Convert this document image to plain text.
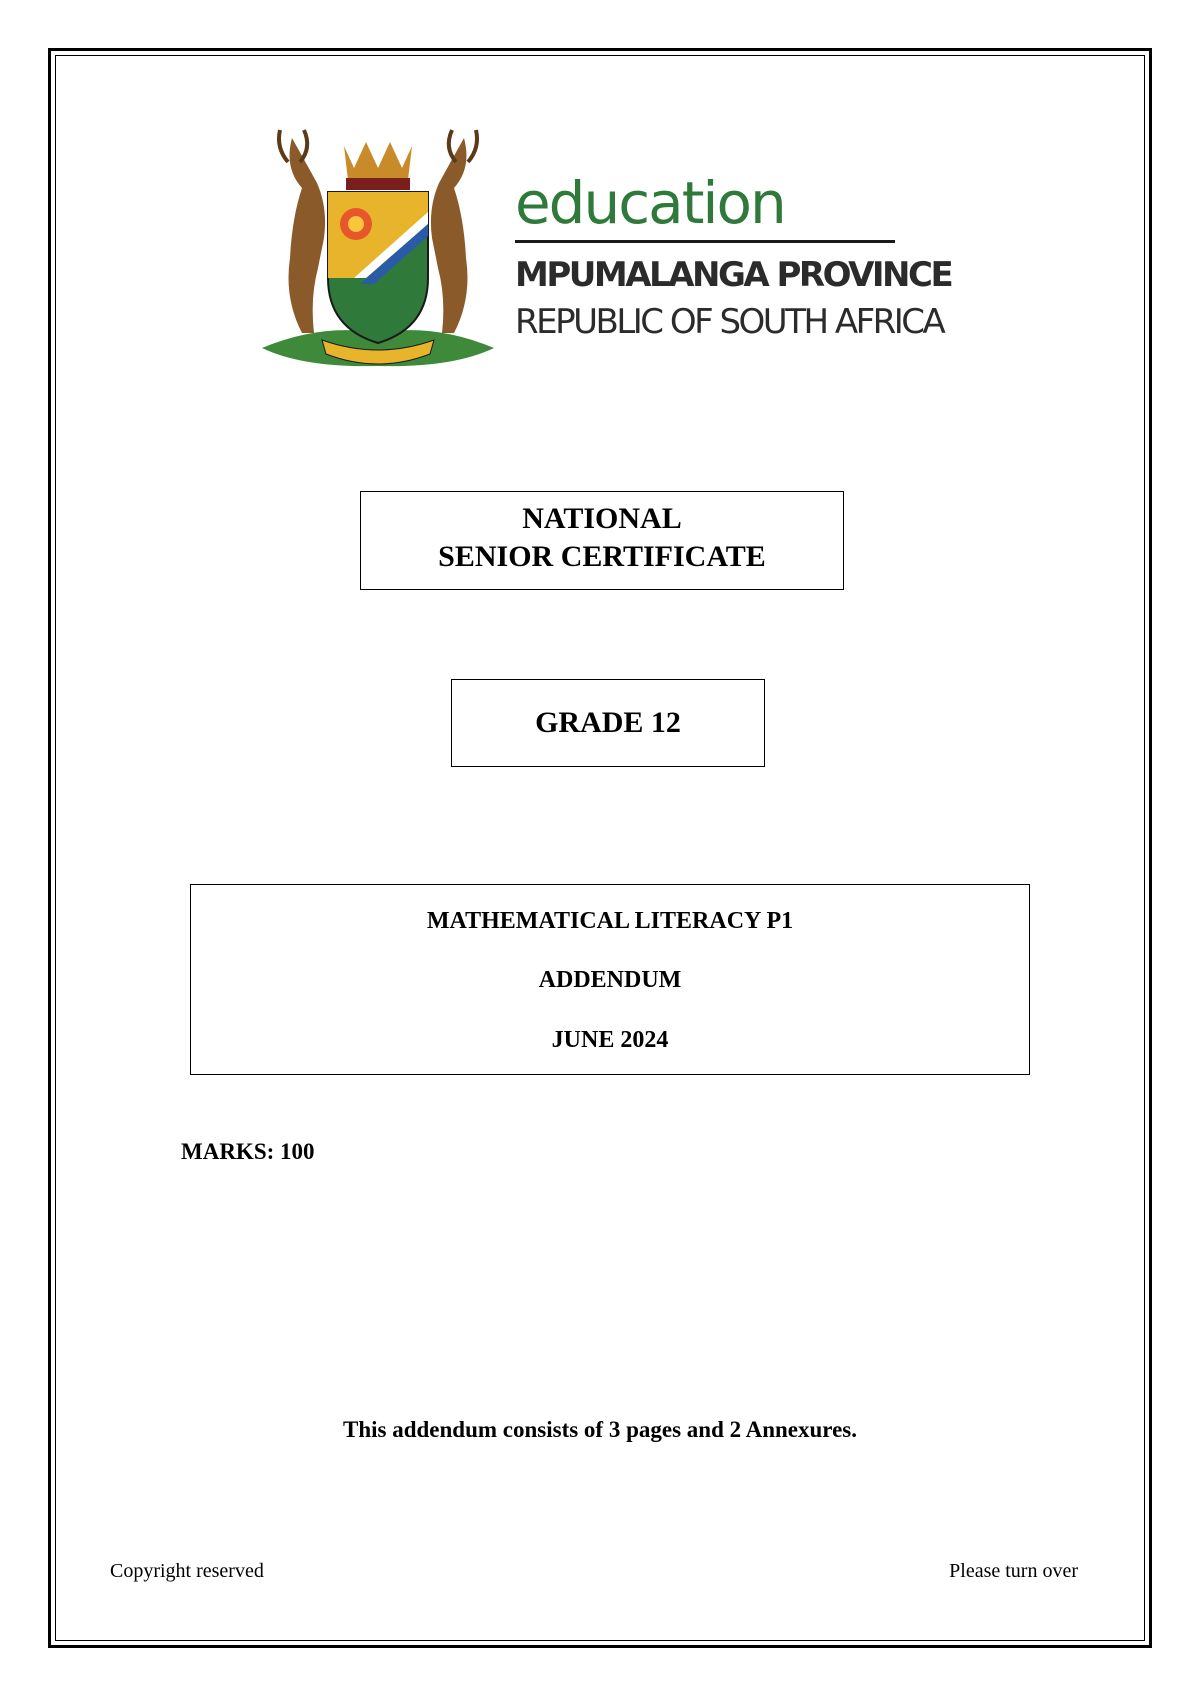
education

MPUMALANGA PROVINCE
REPUBLIC OF SOUTH AFRICA
NATIONAL
SENIOR CERTIFICATE
GRADE 12
MATHEMATICAL LITERACY P1
ADDENDUM
JUNE 2024
MARKS: 100
This addendum consists of 3 pages and 2 Annexures.
Copyright reserved	Please turn over
